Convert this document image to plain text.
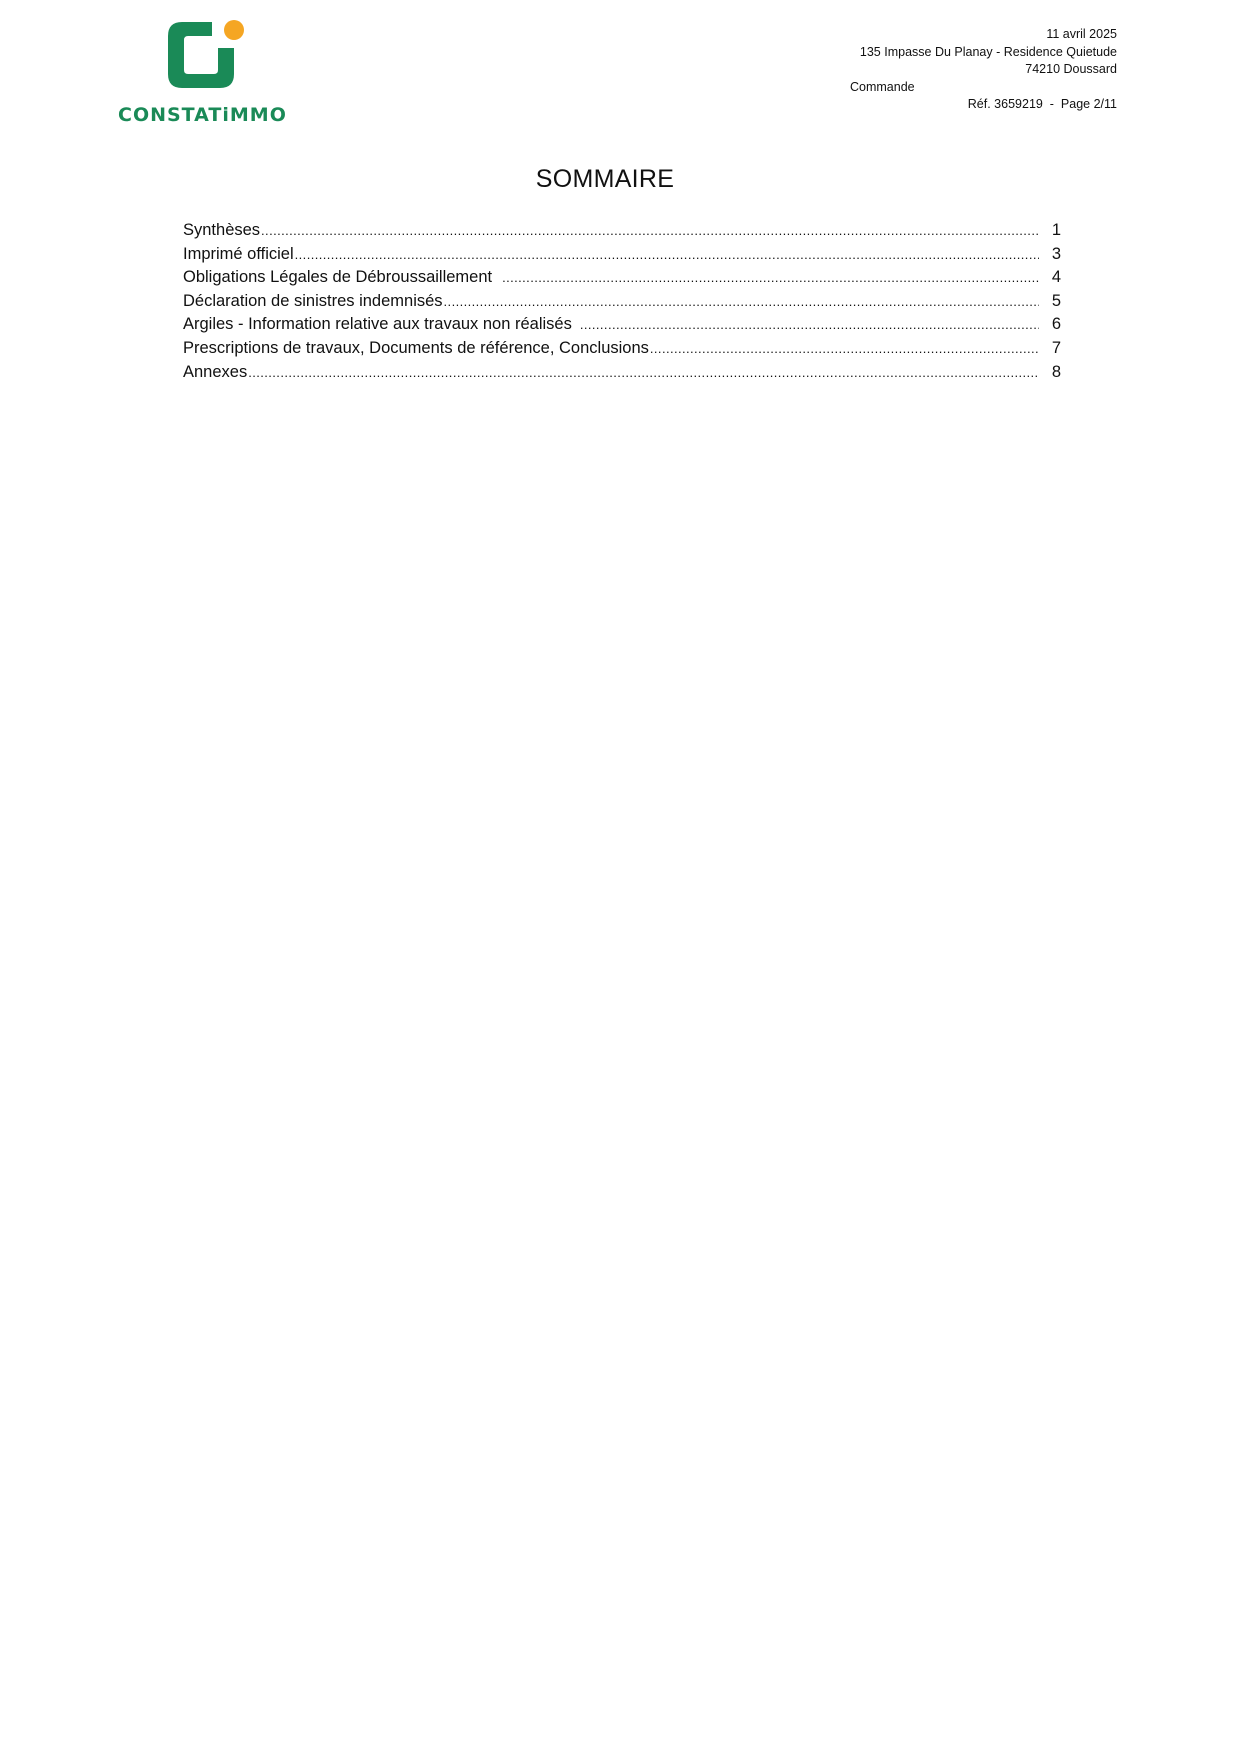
CONSTATiMMO
11 avril 2025
135 Impasse Du Planay - Residence Quietude
74210 Doussard
Commande
Réf. 3659219 - Page 2/11
SOMMAIRE
Synthèses .....	1
Imprimé officiel .....	3
Obligations Légales de Débroussaillement .....	4
Déclaration de sinistres indemnisés .....	5
Argiles - Information relative aux travaux non réalisés .....	6
Prescriptions de travaux, Documents de référence, Conclusions .....	7
Annexes .....	8
